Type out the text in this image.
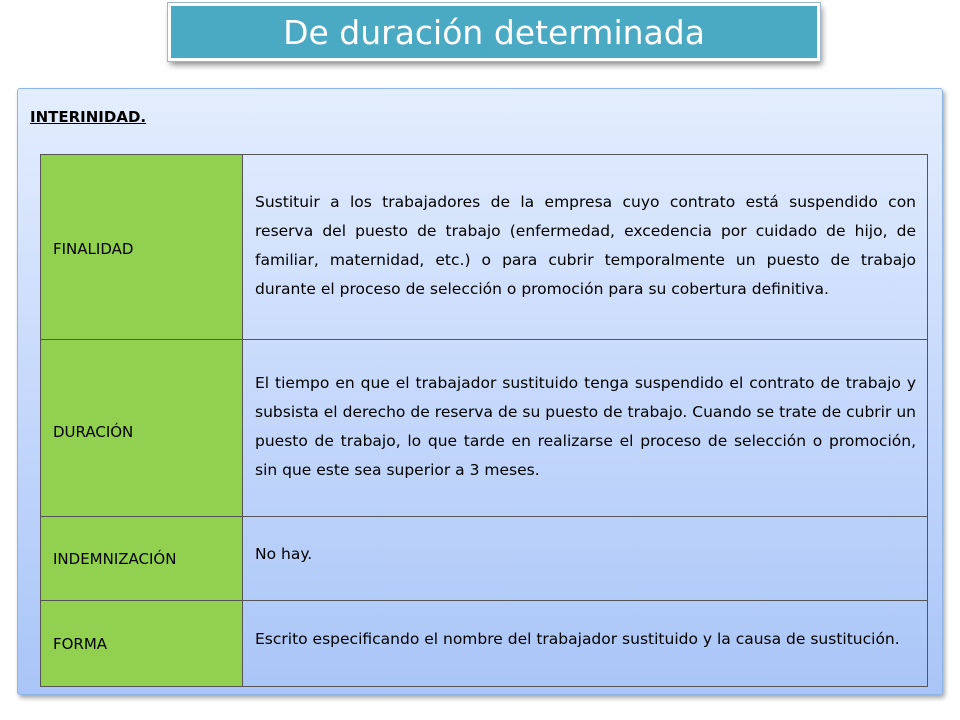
De duración determinada
INTERINIDAD.
FINALIDAD	Sustituir a los trabajadores de la empresa cuyo contrato está suspendido con reserva del puesto de trabajo (enfermedad, excedencia por cuidado de hijo, de familiar, maternidad, etc.) o para cubrir temporalmente un puesto de trabajo durante el proceso de selección o promoción para su cobertura definitiva.
DURACIÓN	El tiempo en que el trabajador sustituido tenga suspendido el contrato de trabajo y subsista el derecho de reserva de su puesto de trabajo. Cuando se trate de cubrir un puesto de trabajo, lo que tarde en realizarse el proceso de selección o promoción, sin que este sea superior a 3 meses.
INDEMNIZACIÓN	No hay.
FORMA	Escrito especificando el nombre del trabajador sustituido y la causa de sustitución.
